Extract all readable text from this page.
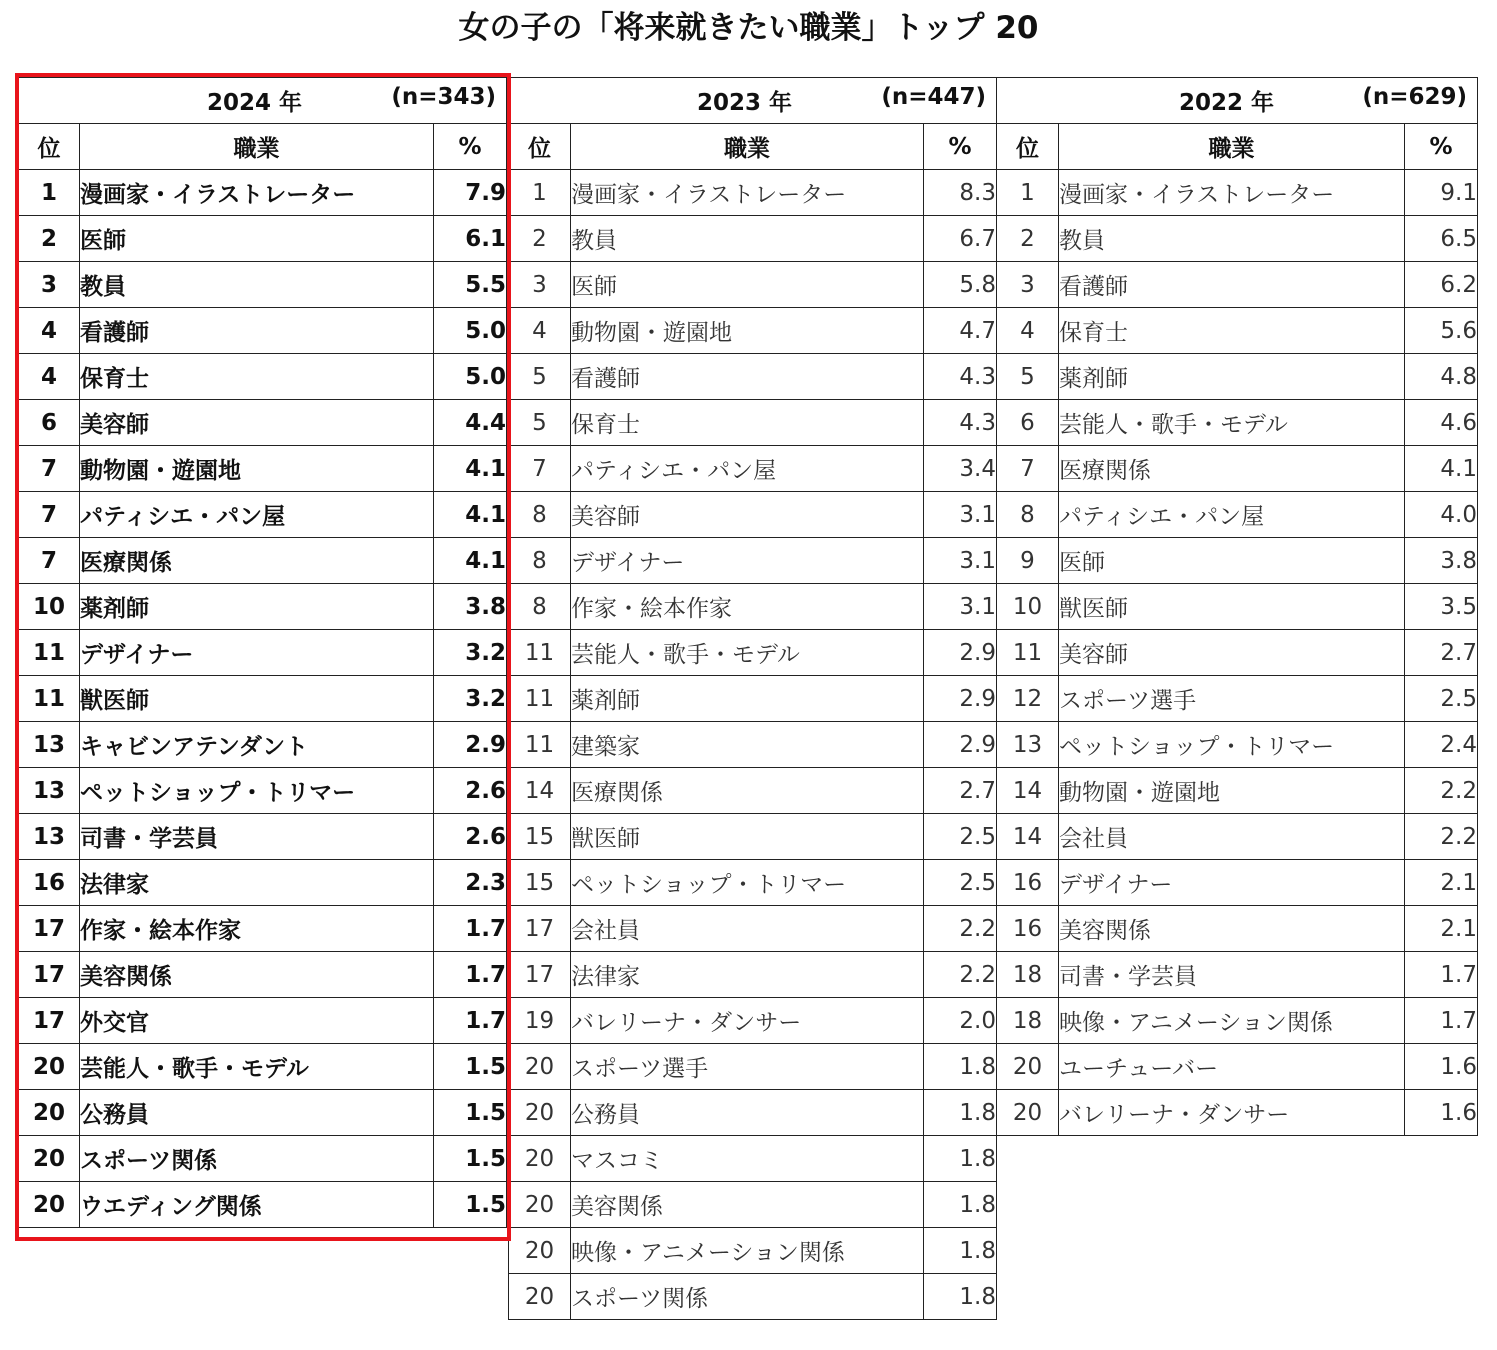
女の子の「将来就きたい職業」トップ 20
2024 年 (n=343)		

位	職業	%
1	漫画家・イラストレーター	7.9
2	医師	6.1
3	教員	5.5
4	看護師	5.0
4	保育士	5.0
6	美容師	4.4
7	動物園・遊園地	4.1
7	パティシエ・パン屋	4.1
7	医療関係	4.1
10	薬剤師	3.8
11	デザイナー	3.2
11	獣医師	3.2
13	キャビンアテンダント	2.9
13	ペットショップ・トリマー	2.6
13	司書・学芸員	2.6
16	法律家	2.3
17	作家・絵本作家	1.7
17	美容関係	1.7
17	外交官	1.7
20	芸能人・歌手・モデル	1.5
20	公務員	1.5
20	スポーツ関係	1.5
20	ウエディング関係	1.5
2023 年 (n=447)		

位	職業	%
1	漫画家・イラストレーター	8.3
2	教員	6.7
3	医師	5.8
4	動物園・遊園地	4.7
5	看護師	4.3
5	保育士	4.3
7	パティシエ・パン屋	3.4
8	美容師	3.1
8	デザイナー	3.1
8	作家・絵本作家	3.1
11	芸能人・歌手・モデル	2.9
11	薬剤師	2.9
11	建築家	2.9
14	医療関係	2.7
15	獣医師	2.5
15	ペットショップ・トリマー	2.5
17	会社員	2.2
17	法律家	2.2
19	バレリーナ・ダンサー	2.0
20	スポーツ選手	1.8
20	公務員	1.8
20	マスコミ	1.8
20	美容関係	1.8
20	映像・アニメーション関係	1.8
20	スポーツ関係	1.8
2022 年 (n=629)		

位	職業	%
1	漫画家・イラストレーター	9.1
2	教員	6.5
3	看護師	6.2
4	保育士	5.6
5	薬剤師	4.8
6	芸能人・歌手・モデル	4.6
7	医療関係	4.1
8	パティシエ・パン屋	4.0
9	医師	3.8
10	獣医師	3.5
11	美容師	2.7
12	スポーツ選手	2.5
13	ペットショップ・トリマー	2.4
14	動物園・遊園地	2.2
14	会社員	2.2
16	デザイナー	2.1
16	美容関係	2.1
18	司書・学芸員	1.7
18	映像・アニメーション関係	1.7
20	ユーチューバー	1.6
20	バレリーナ・ダンサー	1.6
